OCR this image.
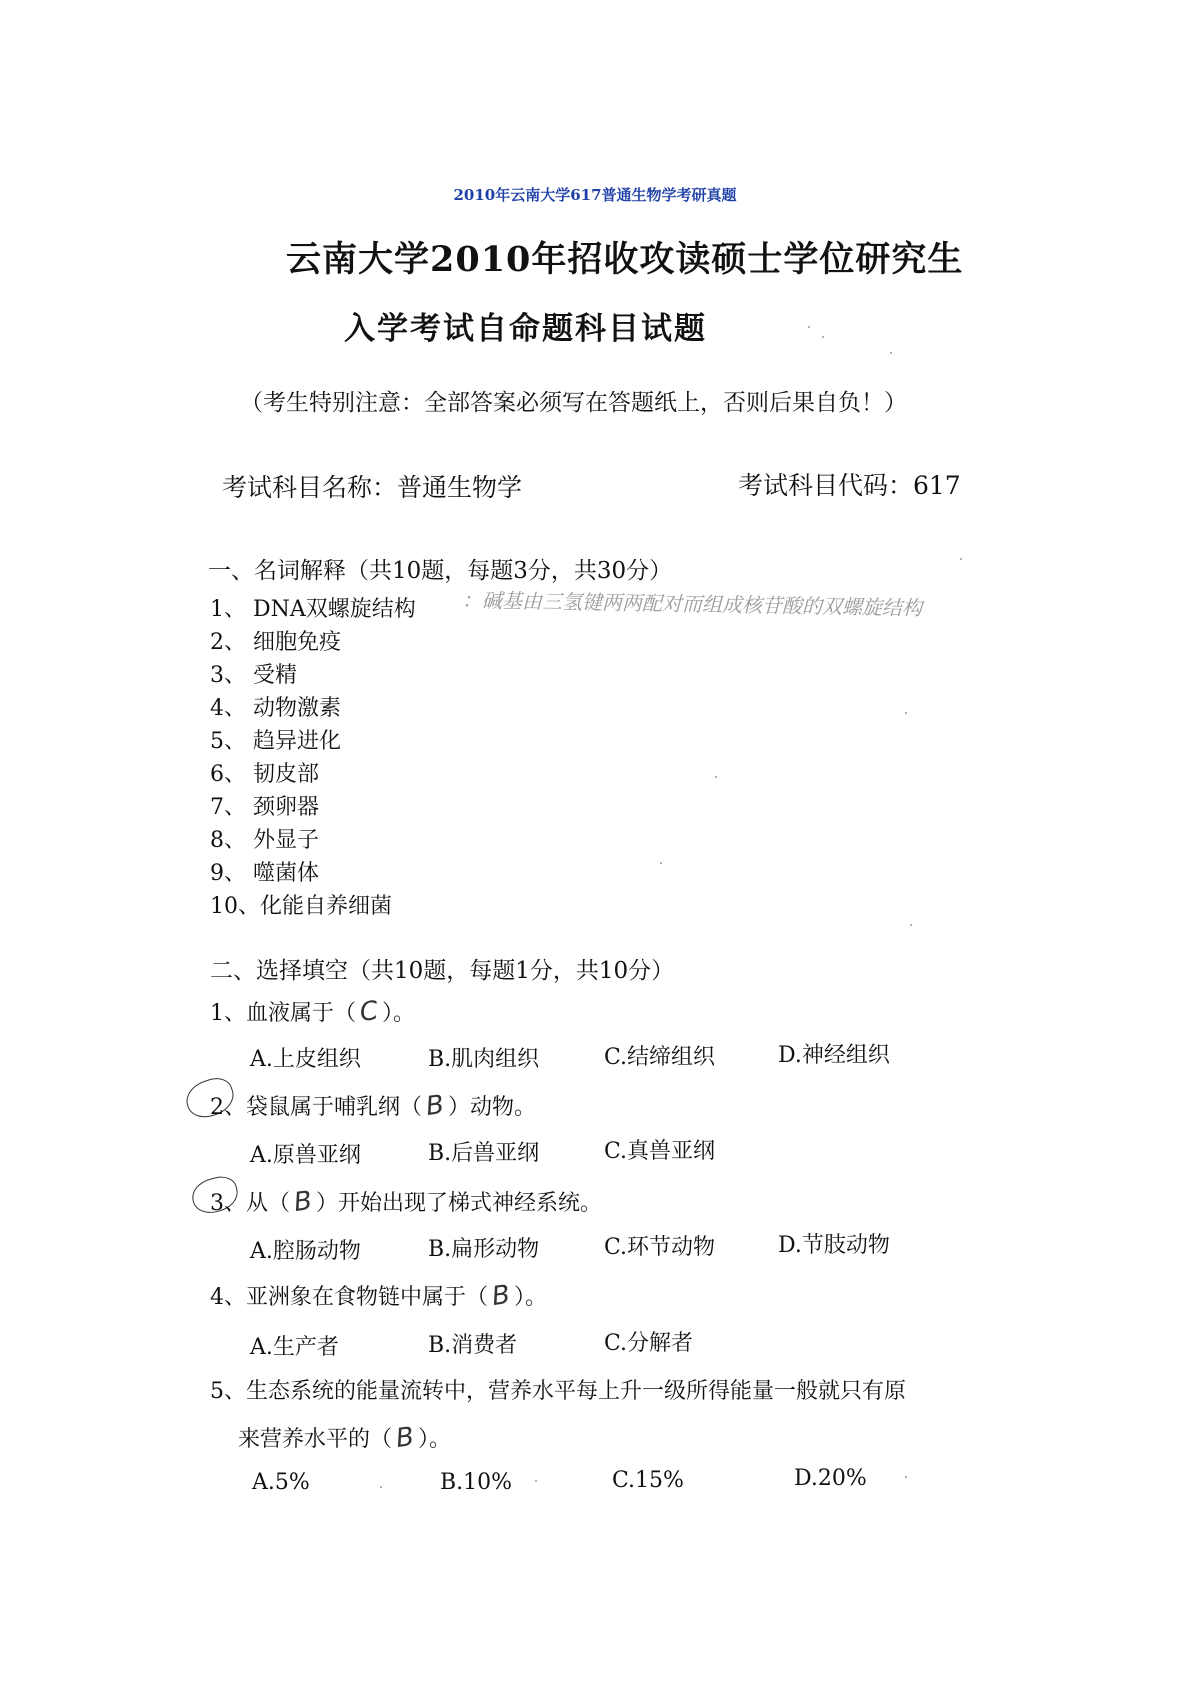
2010年云南大学617普通生物学考研真题
云南大学2010年招收攻读硕士学位研究生
入学考试自命题科目试题
（考生特别注意：全部答案必须写在答题纸上，否则后果自负！）
考试科目名称：普通生物学	考试科目代码：617
一、名词解释（共10题，每题3分，共30分）
1、 DNA双螺旋结构 ：碱基由三氢键两两配对而组成核苷酸的双螺旋结构
2、 细胞免疫
3、 受精
4、 动物激素
5、 趋异进化
6、 韧皮部
7、 颈卵器
8、 外显子
9、 噬菌体
10、化能自养细菌
二、选择填空（共10题，每题1分，共10分）
1、血液属于（C）。
A.上皮组织	B.肌肉组织	C.结缔组织	D.神经组织
2、袋鼠属于哺乳纲（B）动物。
A.原兽亚纲	B.后兽亚纲	C.真兽亚纲
3、从（B）开始出现了梯式神经系统。
A.腔肠动物	B.扁形动物	C.环节动物	D.节肢动物
4、亚洲象在食物链中属于（B）。
A.生产者	B.消费者	C.分解者
5、生态系统的能量流转中，营养水平每上升一级所得能量一般就只有原
来营养水平的（B）。
A.5%	B.10%	C.15%	D.20%
